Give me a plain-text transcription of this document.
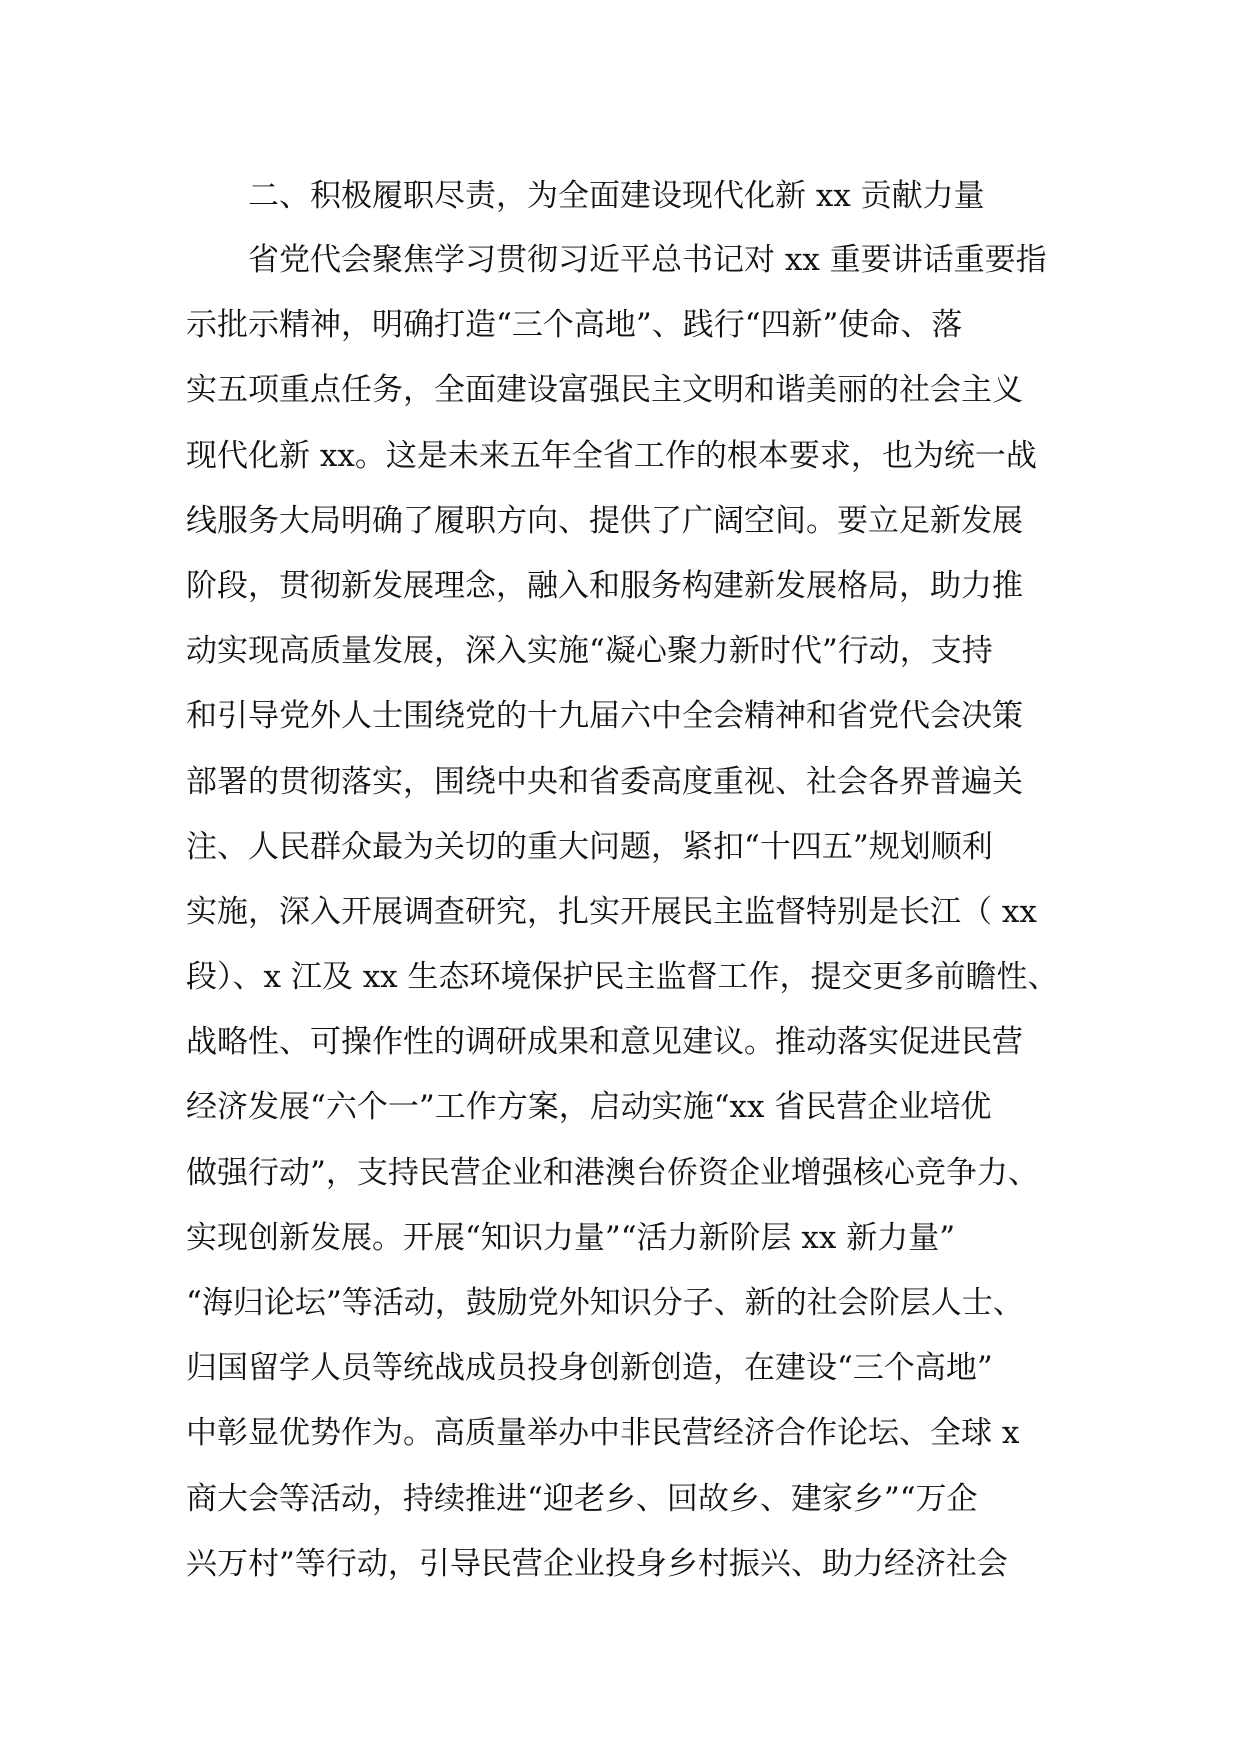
二、积极履职尽责，为全面建设现代化新 xx 贡献力量
省党代会聚焦学习贯彻习近平总书记对 xx 重要讲话重要指
示批示精神，明确打造“三个高地”、践行“四新”使命、落
实五项重点任务，全面建设富强民主文明和谐美丽的社会主义
现代化新 xx。这是未来五年全省工作的根本要求，也为统一战
线服务大局明确了履职方向、提供了广阔空间。要立足新发展
阶段，贯彻新发展理念，融入和服务构建新发展格局，助力推
动实现高质量发展，深入实施“凝心聚力新时代”行动，支持
和引导党外人士围绕党的十九届六中全会精神和省党代会决策
部署的贯彻落实，围绕中央和省委高度重视、社会各界普遍关
注、人民群众最为关切的重大问题，紧扣“十四五”规划顺利
实施，深入开展调查研究，扎实开展民主监督特别是长江（ xx
段）、x 江及 xx 生态环境保护民主监督工作，提交更多前瞻性、
战略性、可操作性的调研成果和意见建议。推动落实促进民营
经济发展“六个一”工作方案，启动实施“xx 省民营企业培优
做强行动”，支持民营企业和港澳台侨资企业增强核心竞争力、
实现创新发展。开展“知识力量”“活力新阶层 xx 新力量”
“海归论坛”等活动，鼓励党外知识分子、新的社会阶层人士、
归国留学人员等统战成员投身创新创造，在建设“三个高地”
中彰显优势作为。高质量举办中非民营经济合作论坛、全球 x
商大会等活动，持续推进“迎老乡、回故乡、建家乡”“万企
兴万村”等行动，引导民营企业投身乡村振兴、助力经济社会
